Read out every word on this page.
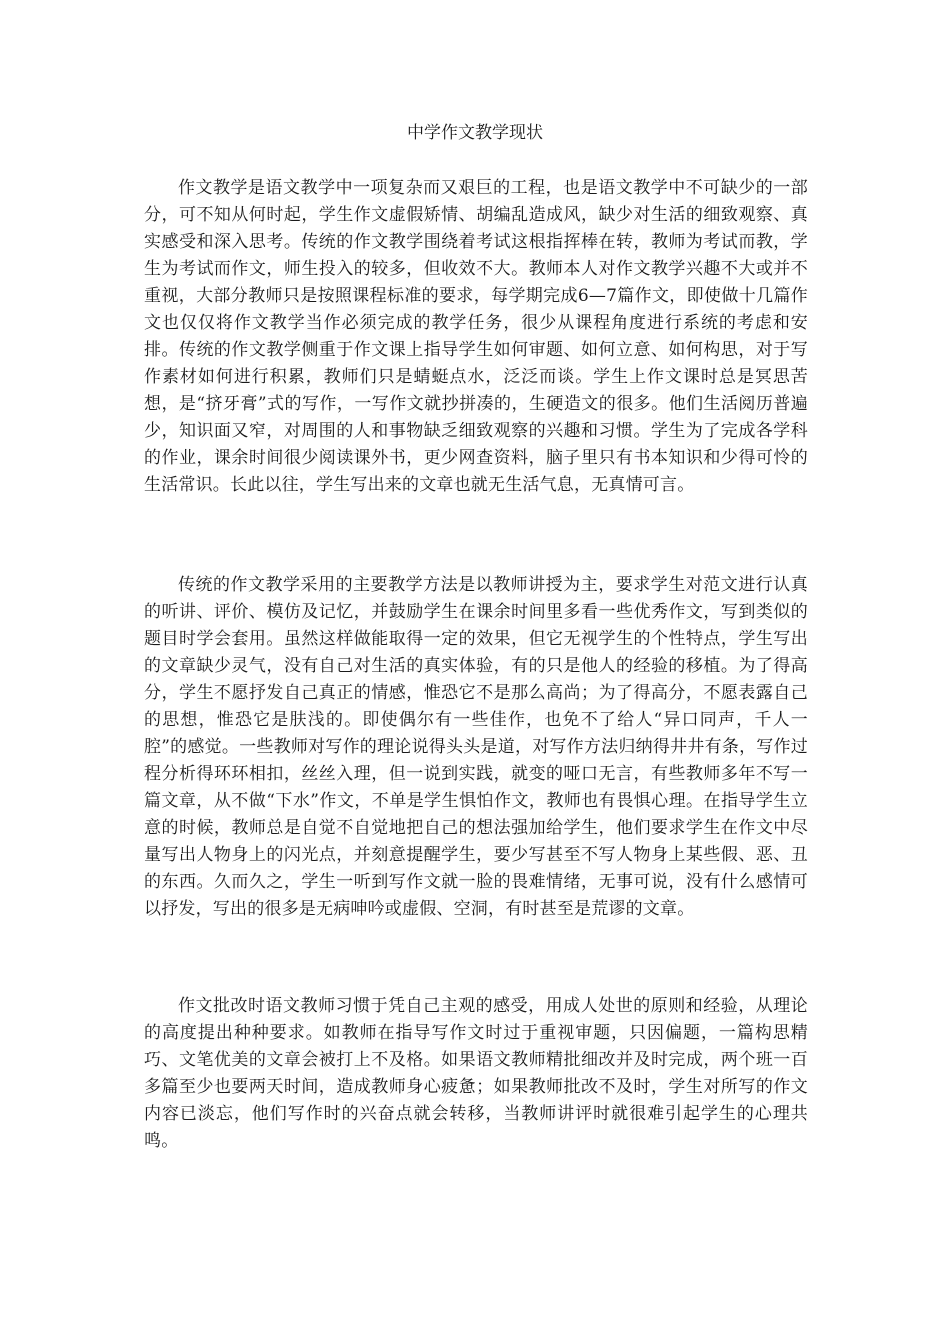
中学作文教学现状

作文教学是语文教学中一项复杂而又艰巨的工程，也是语文教学中不可缺少的一部分，可不知从何时起，学生作文虚假矫情、胡编乱造成风，缺少对生活的细致观察、真实感受和深入思考。传统的作文教学围绕着考试这根指挥棒在转，教师为考试而教，学生为考试而作文，师生投入的较多，但收效不大。教师本人对作文教学兴趣不大或并不重视，大部分教师只是按照课程标准的要求，每学期完成6—7篇作文，即使做十几篇作文也仅仅将作文教学当作必须完成的教学任务，很少从课程角度进行系统的考虑和安排。传统的作文教学侧重于作文课上指导学生如何审题、如何立意、如何构思，对于写作素材如何进行积累，教师们只是蜻蜓点水，泛泛而谈。学生上作文课时总是冥思苦想，是“挤牙膏”式的写作，一写作文就抄拼凑的，生硬造文的很多。他们生活阅历普遍少，知识面又窄，对周围的人和事物缺乏细致观察的兴趣和习惯。学生为了完成各学科的作业，课余时间很少阅读课外书，更少网查资料，脑子里只有书本知识和少得可怜的生活常识。长此以往，学生写出来的文章也就无生活气息，无真情可言。

传统的作文教学采用的主要教学方法是以教师讲授为主，要求学生对范文进行认真的听讲、评价、模仿及记忆，并鼓励学生在课余时间里多看一些优秀作文，写到类似的题目时学会套用。虽然这样做能取得一定的效果，但它无视学生的个性特点，学生写出的文章缺少灵气，没有自己对生活的真实体验，有的只是他人的经验的移植。为了得高分，学生不愿抒发自己真正的情感，惟恐它不是那么高尚；为了得高分，不愿表露自己的思想，惟恐它是肤浅的。即使偶尔有一些佳作，也免不了给人“异口同声，千人一腔”的感觉。一些教师对写作的理论说得头头是道，对写作方法归纳得井井有条，写作过程分析得环环相扣，丝丝入理，但一说到实践，就变的哑口无言，有些教师多年不写一篇文章，从不做“下水”作文，不单是学生惧怕作文，教师也有畏惧心理。在指导学生立意的时候，教师总是自觉不自觉地把自己的想法强加给学生，他们要求学生在作文中尽量写出人物身上的闪光点，并刻意提醒学生，要少写甚至不写人物身上某些假、恶、丑的东西。久而久之，学生一听到写作文就一脸的畏难情绪，无事可说，没有什么感情可以抒发，写出的很多是无病呻吟或虚假、空洞，有时甚至是荒谬的文章。

作文批改时语文教师习惯于凭自己主观的感受，用成人处世的原则和经验，从理论的高度提出种种要求。如教师在指导写作文时过于重视审题，只因偏题，一篇构思精巧、文笔优美的文章会被打上不及格。如果语文教师精批细改并及时完成，两个班一百多篇至少也要两天时间，造成教师身心疲惫；如果教师批改不及时，学生对所写的作文内容已淡忘，他们写作时的兴奋点就会转移，当教师讲评时就很难引起学生的心理共鸣。
